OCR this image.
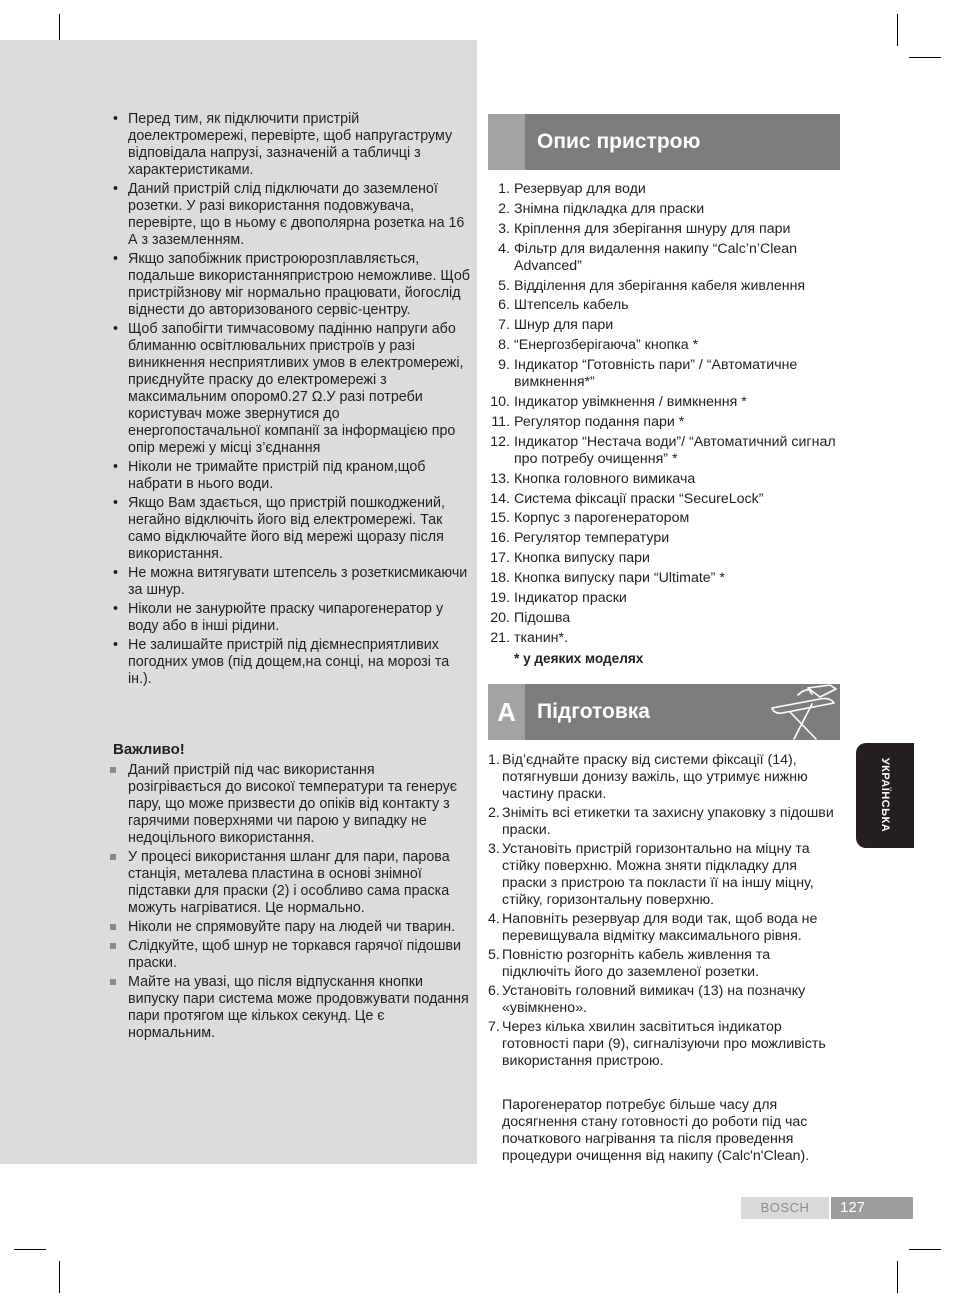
• Перед тим, як підключити пристрій доелектромережі, перевірте, щоб напругаструму відповідала напрузі, зазначеній а табличці з характеристиками.
• Даний пристрій слід підключати до заземленої розетки. У разі використання подовжувача, перевірте, що в ньому є двополярна розетка на 16 А з заземленням.
• Якщо запобіжник пристроюрозплавляється, подальше використанняпристрою неможливе. Щоб пристрійзнову міг нормально працювати, йогослід віднести до авторизованого сервіс-центру.
• Щоб запобігти тимчасовому падінню напруги або блиманню освітлювальних пристроїв у разі виникнення несприятливих умов в електромережі, приєднуйте праску до електромережі з максимальним опором0.27 Ω.У разі потреби користувач може звернутися до енергопостачальної компанії за інформацією про опір мережі у місці з’єднання
• Ніколи не тримайте пристрій під краном,щоб набрати в нього води.
• Якщо Вам здається, що пристрій пошкоджений, негайно відключіть його від електромережі. Так само відключайте його від мережі щоразу після використання.
• Не можна витягувати штепсель з розеткисмикаючи за шнур.
• Ніколи не занурюйте праску чипарогенератор у воду або в інші рідини.
• Не залишайте пристрій під діємнесприятливих погодних умов (під дощем,на сонці, на морозі та ін.).
Важливо!
Даний пристрій під час використання розігрівається до високої температури та генерує пару, що може призвести до опіків від контакту з гарячими поверхнями чи парою у випадку не недоцільного використання.
У процесі використання шланг для пари, парова станція, металева пластина в основі знімної підставки для праски (2) і особливо сама праска можуть нагріватися. Це нормально.
Ніколи не спрямовуйте пару на людей чи тварин.
Слідкуйте, щоб шнур не торкався гарячої підошви праски.
Майте на увазі, що після відпускання кнопки випуску пари система може продовжувати подання пари протягом ще кількох секунд. Це є нормальним.
Опис пристрою
1. Резервуар для води
2. Знімна підкладка для праски
3. Кріплення для зберігання шнуру для пари
4. Фільтр для видалення накипу “Calc’n’Clean Advanced”
5. Відділення для зберігання кабеля живлення
6. Штепсель кабель
7. Шнур для пари
8. “Енергозберігаюча” кнопка *
9. Індикатор “Готовність пари” / “Автоматичне вимкнення*”
10. Індикатор увімкнення / вимкнення *
11. Регулятор подання пари *
12. Індикатор “Нестача води”/ “Автоматичний сигнал про потребу очищення” *
13. Кнопка головного вимикача
14. Система фіксації праски “SecureLock”
15. Корпус з парогенератором
16. Регулятор температури
17. Кнопка випуску пари
18. Кнопка випуску пари “Ultimate” *
19. Індикатор праски
20. Підошва
21. тканин*.
* у деяких моделях
A	Підготовка
1. Від’єднайте праску від системи фіксації (14), потягнувши донизу важіль, що утримує нижню частину праски.
2. Зніміть всі етикетки та захисну упаковку з підошви праски.
3. Установіть пристрій горизонтально на міцну та стійку поверхню. Можна зняти підкладку для праски з пристрою та покласти її на іншу міцну, стійку, горизонтальну поверхню.
4. Наповніть резервуар для води так, щоб вода не перевищувала відмітку максимального рівня.
5. Повністю розгорніть кабель живлення та підключіть його до заземленої розетки.
6. Установіть головний вимикач (13) на позначку «увімкнено».
7. Через кілька хвилин засвітиться індикатор готовності пари (9), сигналізуючи про можливість використання пристрою.
Парогенератор потребує більше часу для досягнення стану готовності до роботи під час початкового нагрівання та після проведення процедури очищення від накипу (Calc'n'Clean).
УКРАЇНСЬКА
BOSCH	127
